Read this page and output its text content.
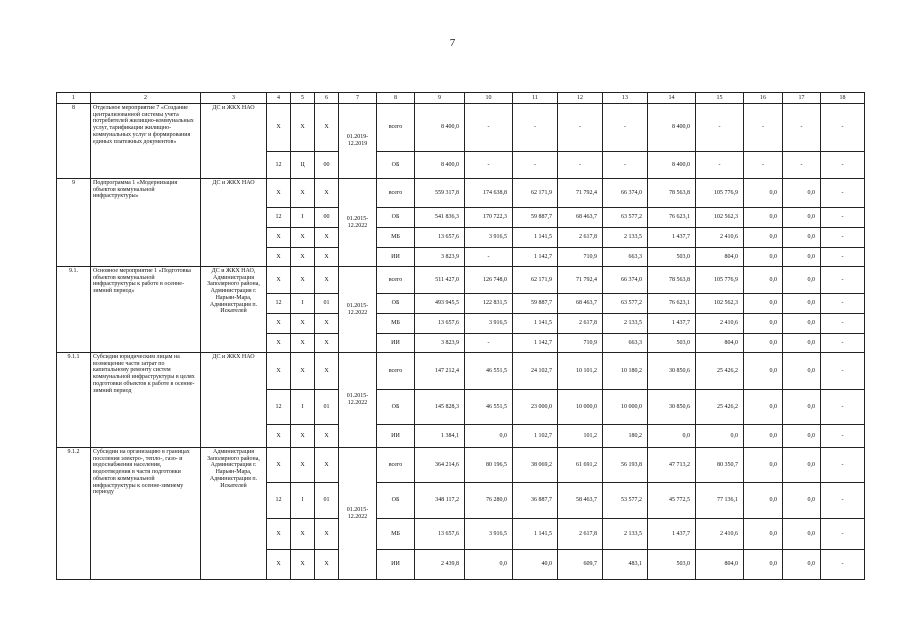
7
1	2	3	4	5	6	7	8	9	10	11	12	13	14	15	16	17	18
8	Отдельное мероприятие 7 «Создание централизованной системы учета потребителей жилищно-коммунальных услуг, тарификации жилищно-коммунальных услуг и формирования единых платежных документов»	ДС и ЖКХ НАО	X	X	X	01.2019-12.2019	всего	8 400,0	-	-	-	-	8 400,0	-	-	-	-
			12	Ц	00		ОБ	8 400,0	-	-	-	-	8 400,0	-	-	-	-
9	Подпрограмма 1 «Модернизация объектов коммунальной инфраструктуры»	ДС и ЖКХ НАО	X	X	X	01.2015-12.2022	всего	559 317,8	174 638,8	62 171,9	71 792,4	66 374,0	78 563,8	105 776,9	0,0	0,0	-
			12	I	00		ОБ	541 836,3	170 722,3	59 887,7	68 463,7	63 577,2	76 623,1	102 562,3	0,0	0,0	-
			X	X	X		МБ	13 657,6	3 916,5	1 141,5	2 617,8	2 133,5	1 437,7	2 410,6	0,0	0,0	-
			X	X	X		ИИ	3 823,9	-	1 142,7	710,9	663,3	503,0	804,0	0,0	0,0	-
9.1.	Основное мероприятие 1 «Подготовка объектов коммунальной инфраструктуры к работе в осенне-зимний период»	ДС и ЖКХ НАО, Администрация Заполярного района, Администрация г. Нарьян-Мара, Администрация п. Искателей	X	X	X	01.2015-12.2022	всего	511 427,0	126 748,0	62 171,9	71 792,4	66 374,0	78 563,8	105 776,9	0,0	0,0	-
			12	I	01		ОБ	493 945,5	122 831,5	59 887,7	68 463,7	63 577,2	76 623,1	102 562,3	0,0	0,0	-
			X	X	X		МБ	13 657,6	3 916,5	1 141,5	2 617,8	2 133,5	1 437,7	2 410,6	0,0	0,0	-
			X	X	X		ИИ	3 823,9	-	1 142,7	710,9	663,3	503,0	804,0	0,0	0,0	-
9.1.1	Субсидии юридическим лицам на возмещение части затрат по капитальному ремонту систем коммунальной инфраструктуры в целях подготовки объектов к работе в осенне-зимний период	ДС и ЖКХ НАО	X	X	X	01.2015-12.2022	всего	147 212,4	46 551,5	24 102,7	10 101,2	10 180,2	30 850,6	25 426,2	0,0	0,0	-
			12	I	01		ОБ	145 828,3	46 551,5	23 000,0	10 000,0	10 000,0	30 850,6	25 426,2	0,0	0,0	-
			X	X	X		ИИ	1 384,1	0,0	1 102,7	101,2	180,2	0,0	0,0	0,0	0,0	-
9.1.2	Субсидии на организацию в границах поселения электро-, тепло-, газо- и водоснабжения населения, водоотведения в части подготовки объектов коммунальной инфраструктуры к осенне-зимнему периоду	Администрация Заполярного района, Администрация г. Нарьян-Мара, Администрация п. Искателей	X	X	X	01.2015-12.2022	всего	364 214,6	80 196,5	38 069,2	61 691,2	56 193,8	47 713,2	80 350,7	0,0	0,0	-
			12	I	01		ОБ	348 117,2	76 280,0	36 887,7	58 463,7	53 577,2	45 772,5	77 136,1	0,0	0,0	-
			X	X	X		МБ	13 657,6	3 916,5	1 141,5	2 617,8	2 133,5	1 437,7	2 410,6	0,0	0,0	-
			X	X	X		ИИ	2 439,8	0,0	40,0	609,7	483,1	503,0	804,0	0,0	0,0	-
